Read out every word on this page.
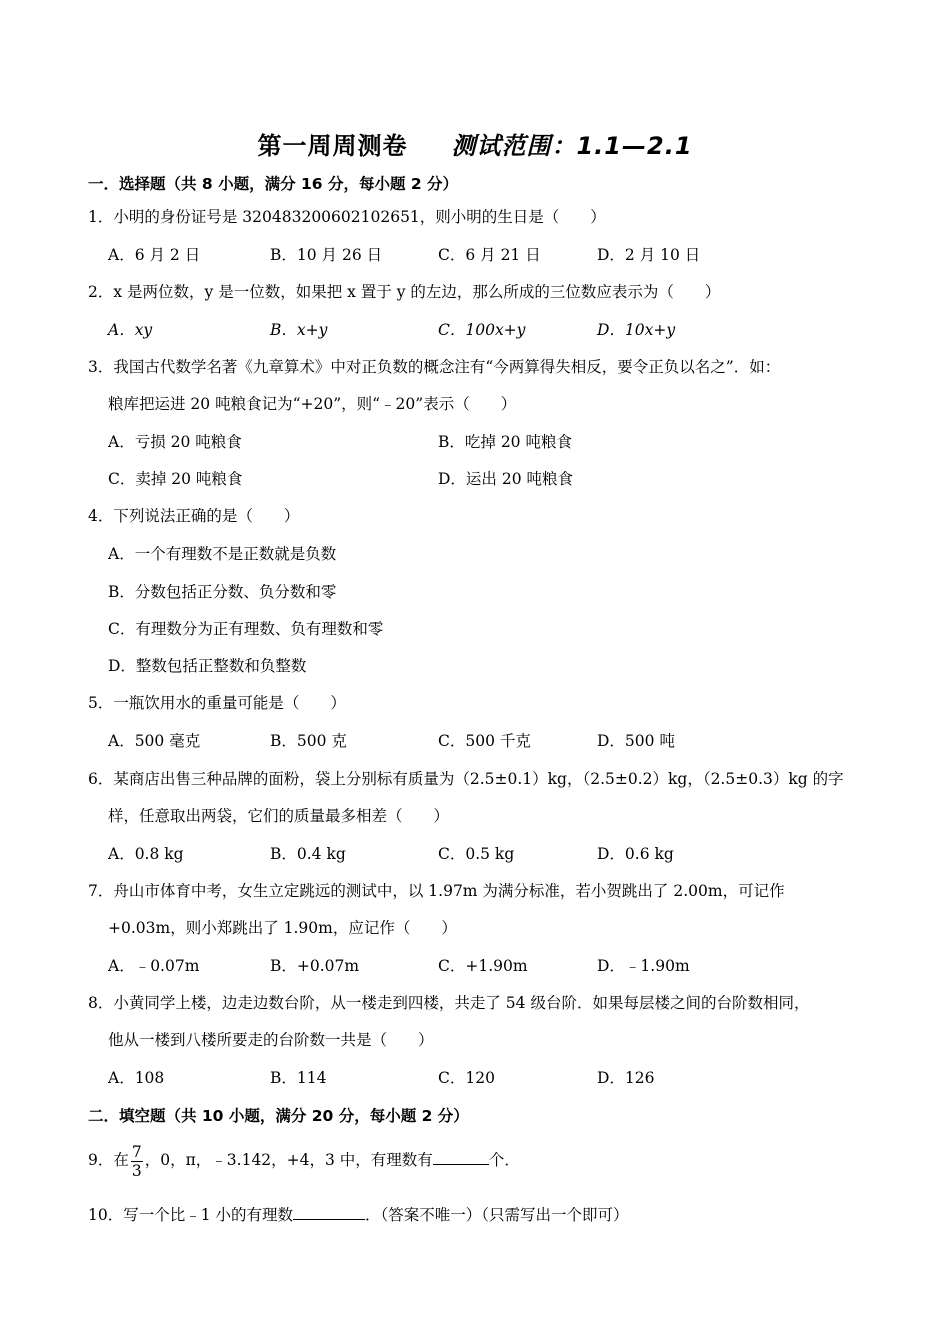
第一周周测卷 测试范围：1.1—2.1
一．选择题（共 8 小题，满分 16 分，每小题 2 分）
1．小明的身份证号是 320483200602102651，则小明的生日是（　　）
A．6 月 2 日	B．10 月 26 日	C．6 月 21 日	D．2 月 10 日
2．x 是两位数，y 是一位数，如果把 x 置于 y 的左边，那么所成的三位数应表示为（　　）
A．xy	B．x+y	C．100x+y	D．10x+y
3．我国古代数学名著《九章算术》中对正负数的概念注有“今两算得失相反，要令正负以名之”．如：
粮库把运进 20 吨粮食记为“+20”，则“﹣20”表示（　　）
A．亏损 20 吨粮食	B．吃掉 20 吨粮食
C．卖掉 20 吨粮食	D．运出 20 吨粮食
4．下列说法正确的是（　　）
A．一个有理数不是正数就是负数
B．分数包括正分数、负分数和零
C．有理数分为正有理数、负有理数和零
D．整数包括正整数和负整数
5．一瓶饮用水的重量可能是（　　）
A．500 毫克	B．500 克	C．500 千克	D．500 吨
6．某商店出售三种品牌的面粉，袋上分别标有质量为（2.5±0.1）kg，（2.5±0.2）kg，（2.5±0.3）kg 的字
样，任意取出两袋，它们的质量最多相差（　　）
A．0.8 kg	B．0.4 kg	C．0.5 kg	D．0.6 kg
7．舟山市体育中考，女生立定跳远的测试中，以 1.97m 为满分标准，若小贺跳出了 2.00m，可记作
+0.03m，则小郑跳出了 1.90m，应记作（　　）
A．﹣0.07m	B．+0.07m	C．+1.90m	D．﹣1.90m
8．小黄同学上楼，边走边数台阶，从一楼走到四楼，共走了 54 级台阶．如果每层楼之间的台阶数相同，
他从一楼到八楼所要走的台阶数一共是（　　）
A．108	B．114	C．120	D．126
二．填空题（共 10 小题，满分 20 分，每小题 2 分）
9．在 $\frac{7}{3}$ ，0，π，﹣3.142，+4，3 中，有理数有	个．
10．写一个比﹣1 小的有理数	．（答案不唯一）（只需写出一个即可）
